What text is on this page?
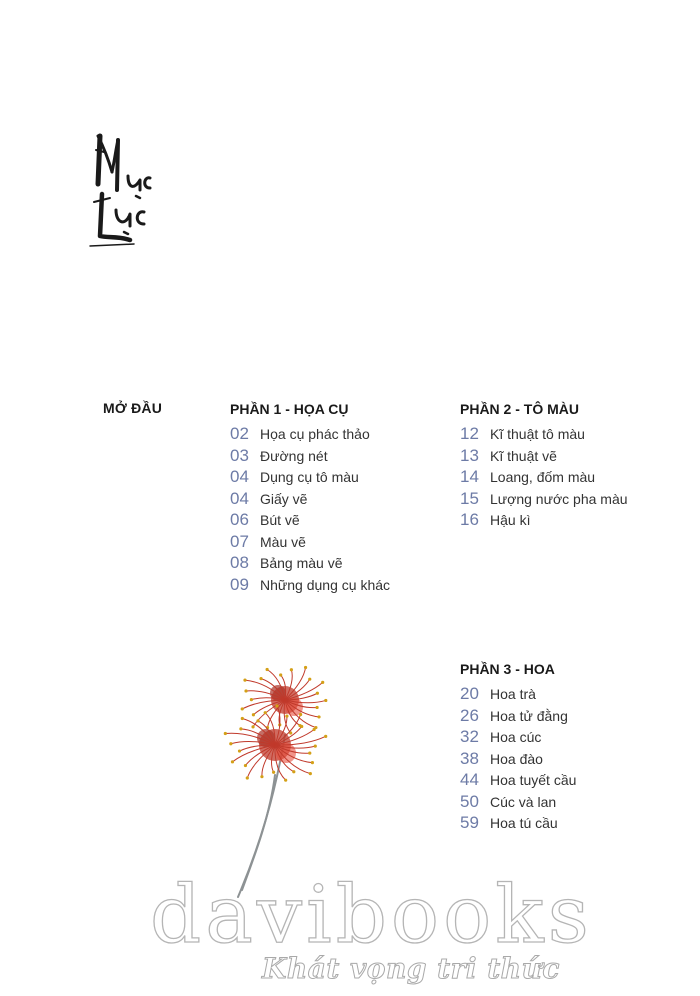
MỞ ĐẦU	PHẦN 1 - HỌA CỤ
02 Họa cụ phác thảo
03 Đường nét
04 Dụng cụ tô màu
04 Giấy vẽ
06 Bút vẽ
07 Màu vẽ
08 Bảng màu vẽ
09 Những dụng cụ khác
PHẦN 2 - TÔ MÀU
12 Kĩ thuật tô màu
13 Kĩ thuật vẽ
14 Loang, đốm màu
15 Lượng nước pha màu
16 Hậu kì
PHẦN 3 - HOA
20 Hoa trà
26 Hoa tử đằng
32 Hoa cúc
38 Hoa đào
44 Hoa tuyết cầu
50 Cúc và lan
59 Hoa tú cầu
davibooks
Khát vọng tri thức
